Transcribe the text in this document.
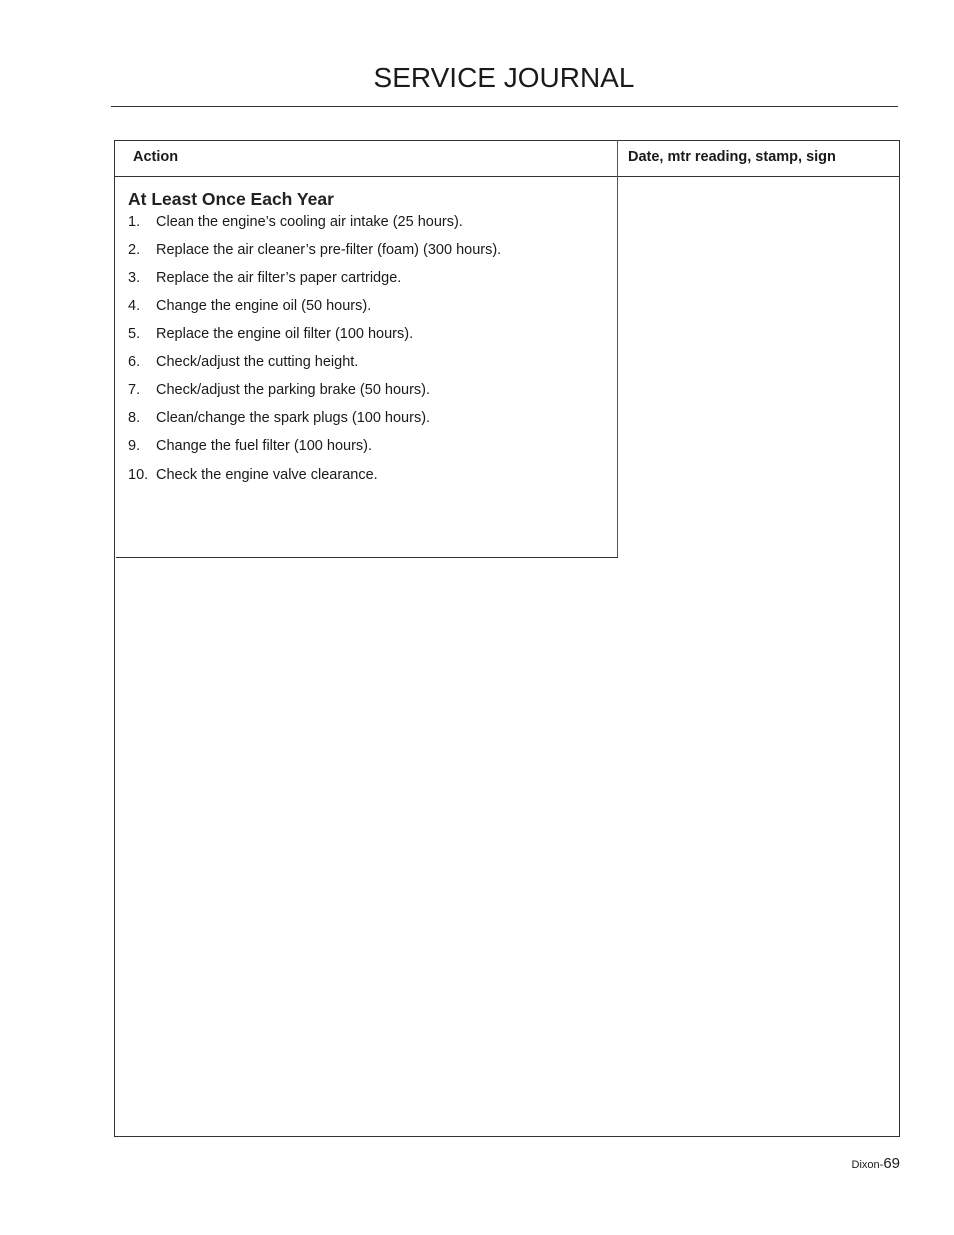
SERVICE JOURNAL
Action	Date, mtr reading, stamp, sign
At Least Once Each Year
1. Clean the engine’s cooling air intake (25 hours).
2. Replace the air cleaner’s pre-filter (foam) (300 hours).
3. Replace the air filter’s paper cartridge.
4. Change the engine oil (50 hours).
5. Replace the engine oil filter (100 hours).
6. Check/adjust the cutting height.
7. Check/adjust the parking brake (50 hours).
8. Clean/change the spark plugs (100 hours).
9. Change the fuel filter (100 hours).
10. Check the engine valve clearance.
Dixon-69
